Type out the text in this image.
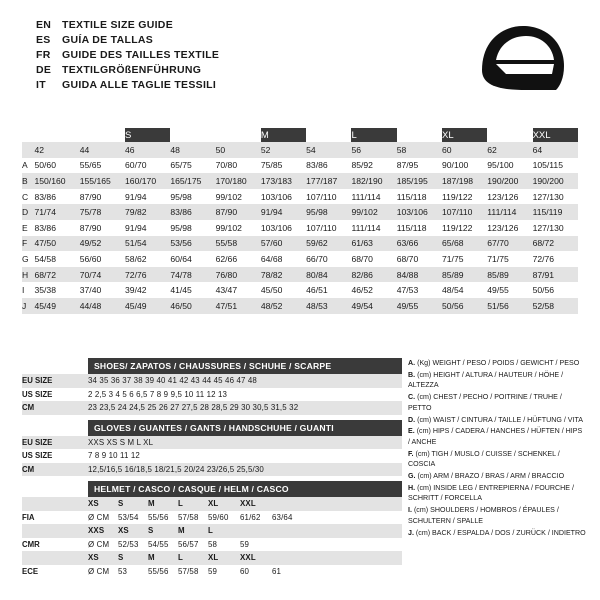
EN	TEXTILE SIZE GUIDE
ES	GUÍA DE TALLAS
FR	GUIDE DES TAILLES TEXTILE
DE	TEXTILGRÖßENFÜHRUNG
IT	GUIDA ALLE TAGLIE TESSILI
			S			M		L		XL		XXL
	42	44	46	48	50	52	54	56	58	60	62	64
A	50/60	55/65	60/70	65/75	70/80	75/85	83/86	85/92	87/95	90/100	95/100	105/115
B	150/160	155/165	160/170	165/175	170/180	173/183	177/187	182/190	185/195	187/198	190/200	190/200
C	83/86	87/90	91/94	95/98	99/102	103/106	107/110	111/114	115/118	119/122	123/126	127/130
D	71/74	75/78	79/82	83/86	87/90	91/94	95/98	99/102	103/106	107/110	111/114	115/119
E	83/86	87/90	91/94	95/98	99/102	103/106	107/110	111/114	115/118	119/122	123/126	127/130
F	47/50	49/52	51/54	53/56	55/58	57/60	59/62	61/63	63/66	65/68	67/70	68/72
G	54/58	56/60	58/62	60/64	62/66	64/68	66/70	68/70	68/70	71/75	71/75	72/76
H	68/72	70/74	72/76	74/78	76/80	78/82	80/84	82/86	84/88	85/89	85/89	87/91
I	35/38	37/40	39/42	41/45	43/47	45/50	46/51	46/52	47/53	48/54	49/55	50/56
J	45/49	44/48	45/49	46/50	47/51	48/52	48/53	49/54	49/55	50/56	51/56	52/58
SHOES/ ZAPATOS / CHAUSSURES / SCHUHE / SCARPE
EU SIZE	34 35 36 37 38 39 40 41 42 43 44 45 46 47 48
US SIZE	2 2,5 3 4 5 6 6,5 7 8 9 9,5 10 11 12 13
CM	23 23,5 24 24,5 25 26 27 27,5 28 28,5 29 30 30,5 31,5 32
GLOVES / GUANTES / GANTS / HANDSCHUHE / GUANTI
EU SIZE	XXS XS S M L XL
US SIZE	7 8 9 10 11 12
CM	12,5/16,5 16/18,5 18/21,5 20/24 23/26,5 25,5/30
HELMET / CASCO / CASQUE / HELM / CASCO
	XS S M L XL XXL
FIA	Ø CM 53/54 55/56 57/58 59/60 61/62 63/64
	XXS XS S M L
CMR	Ø CM 52/53 54/55 56/57 58 59
	XS S M L XL XXL
ECE	Ø CM 53 55/56 57/58 59 60 61
A. (Kg) WEIGHT / PESO / POIDS / GEWICHT / PESO
B. (cm) HEIGHT / ALTURA / HAUTEUR / HÖHE / ALTEZZA
C. (cm) CHEST / PECHO / POITRINE / TRUHE / PETTO
D. (cm) WAIST / CINTURA / TAILLE / HÜFTUNG / VITA
E. (cm) HIPS / CADERA / HANCHES / HÜFTEN / HIPS / ANCHE
F. (cm) TIGH / MUSLO / CUISSE / SCHENKEL / COSCIA
G. (cm) ARM / BRAZO / BRAS / ARM / BRACCIO
H. (cm) INSIDE LEG / ENTREPIERNA / FOURCHE / SCHRITT / FORCELLA
I. (cm) SHOULDERS / HOMBROS / ÉPAULES / SCHULTERN / SPALLE
J. (cm) BACK / ESPALDA / DOS / ZURÜCK / INDIETRO
